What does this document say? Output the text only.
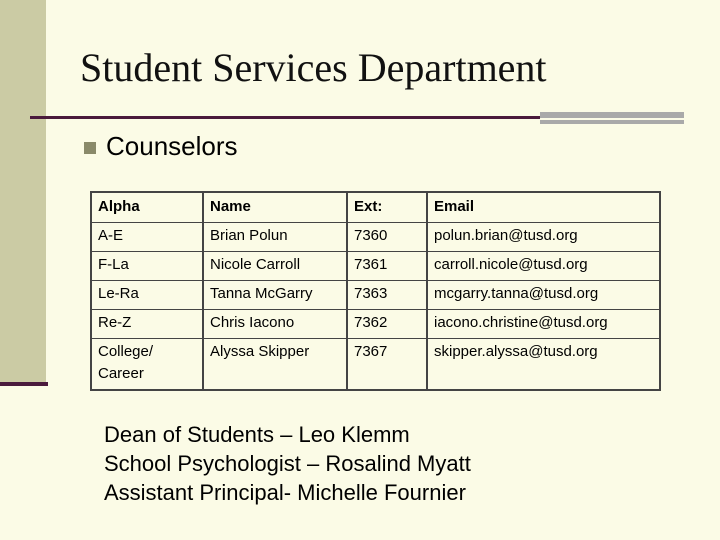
Student Services Department
Counselors
Alpha	Name	Ext:	Email
A-E	Brian Polun	7360	polun.brian@tusd.org
F-La	Nicole Carroll	7361	carroll.nicole@tusd.org
Le-Ra	Tanna McGarry	7363	mcgarry.tanna@tusd.org
Re-Z	Chris Iacono	7362	iacono.christine@tusd.org
College/ Career	Alyssa Skipper	7367	skipper.alyssa@tusd.org
Dean of Students – Leo Klemm
School Psychologist – Rosalind Myatt
Assistant Principal- Michelle Fournier
